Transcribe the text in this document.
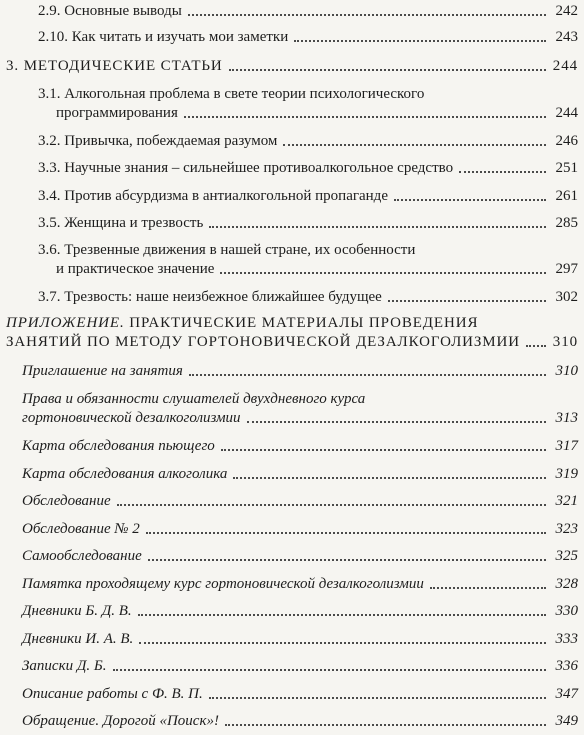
2.9. Основные выводы	242
2.10. Как читать и изучать мои заметки	243
3. МЕТОДИЧЕСКИЕ СТАТЬИ	244
3.1. Алкогольная проблема в свете теории психологического
программирования	244
3.2. Привычка, побеждаемая разумом	246
3.3. Научные знания – сильнейшее противоалкогольное средство	251
3.4. Против абсурдизма в антиалкогольной пропаганде	261
3.5. Женщина и трезвость	285
3.6. Трезвенные движения в нашей стране, их особенности
и практическое значение	297
3.7. Трезвость: наше неизбежное ближайшее будущее	302
ПРИЛОЖЕНИЕ. ПРАКТИЧЕСКИЕ МАТЕРИАЛЫ ПРОВЕДЕНИЯ
ЗАНЯТИЙ ПО МЕТОДУ ГОРТОНОВИЧЕСКОЙ ДЕЗАЛКОГОЛИЗМИИ 310
Приглашение на занятия	310
Права и обязанности слушателей двухдневного курса
гортоновической дезалкоголизмии	313
Карта обследования пьющего	317
Карта обследования алкоголика	319
Обследование	321
Обследование № 2	323
Самообследование	325
Памятка проходящему курс гортоновической дезалкоголизмии	328
Дневники Б. Д. В.	330
Дневники И. А. В.	333
Записки Д. Б.	336
Описание работы с Ф. В. П.	347
Обращение. Дорогой «Поиск»!	349
